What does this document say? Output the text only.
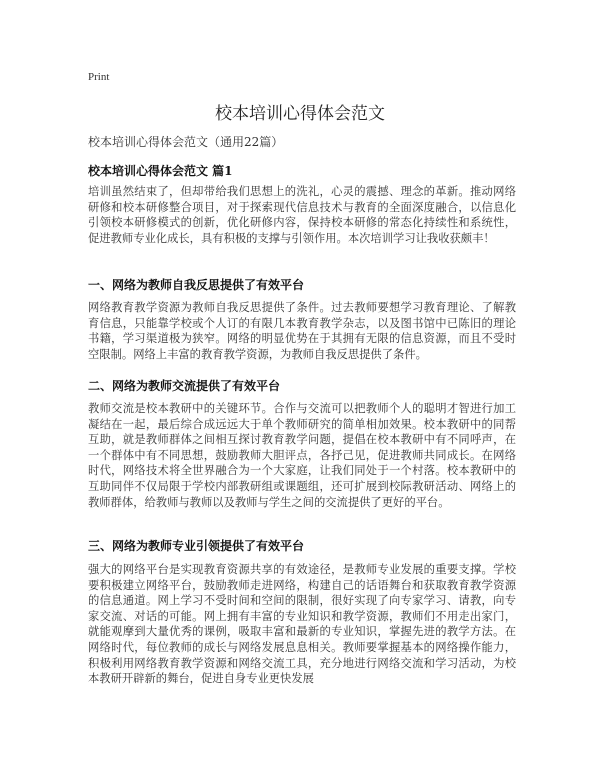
Print
校本培训心得体会范文
校本培训心得体会范文（通用22篇）
校本培训心得体会范文 篇1

培训虽然结束了，但却带给我们思想上的洗礼，心灵的震撼、理念的革新。推动网络研修和校本研修整合项目，对于探索现代信息技术与教育的全面深度融合，以信息化引领校本研修模式的创新，优化研修内容，保持校本研修的常态化持续性和系统性，促进教师专业化成长，具有积极的支撑与引领作用。本次培训学习让我收获颇丰！

一、网络为教师自我反思提供了有效平台

网络教育教学资源为教师自我反思提供了条件。过去教师要想学习教育理论、了解教育信息，只能靠学校或个人订的有限几本教育教学杂志，以及图书馆中已陈旧的理论书籍，学习渠道极为狭窄。网络的明显优势在于其拥有无限的信息资源，而且不受时空限制。网络上丰富的教育教学资源，为教师自我反思提供了条件。

二、网络为教师交流提供了有效平台

教师交流是校本教研中的关键环节。合作与交流可以把教师个人的聪明才智进行加工凝结在一起，最后综合成远远大于单个教师研究的简单相加效果。校本教研中的同帮互助，就是教师群体之间相互探讨教育教学问题，提倡在校本教研中有不同呼声，在一个群体中有不同思想，鼓励教师大胆评点，各抒己见，促进教师共同成长。在网络时代，网络技术将全世界融合为一个大家庭，让我们同处于一个村落。校本教研中的互助同伴不仅局限于学校内部教研组或课题组，还可扩展到校际教研活动、网络上的教师群体，给教师与教师以及教师与学生之间的交流提供了更好的平台。

三、网络为教师专业引领提供了有效平台

强大的网络平台是实现教育资源共享的有效途径，是教师专业发展的重要支撑。学校要积极建立网络平台，鼓励教师走进网络，构建自己的话语舞台和获取教育教学资源的信息通道。网上学习不受时间和空间的限制，很好实现了向专家学习、请教，向专家交流、对话的可能。网上拥有丰富的专业知识和教学资源，教师们不用走出家门，就能观摩到大量优秀的课例，吸取丰富和最新的专业知识，掌握先进的教学方法。在网络时代，每位教师的成长与网络发展息息相关。教师要掌握基本的网络操作能力，积极利用网络教育教学资源和网络交流工具，充分地进行网络交流和学习活动，为校本教研开辟新的舞台，促进自身专业更快发展
